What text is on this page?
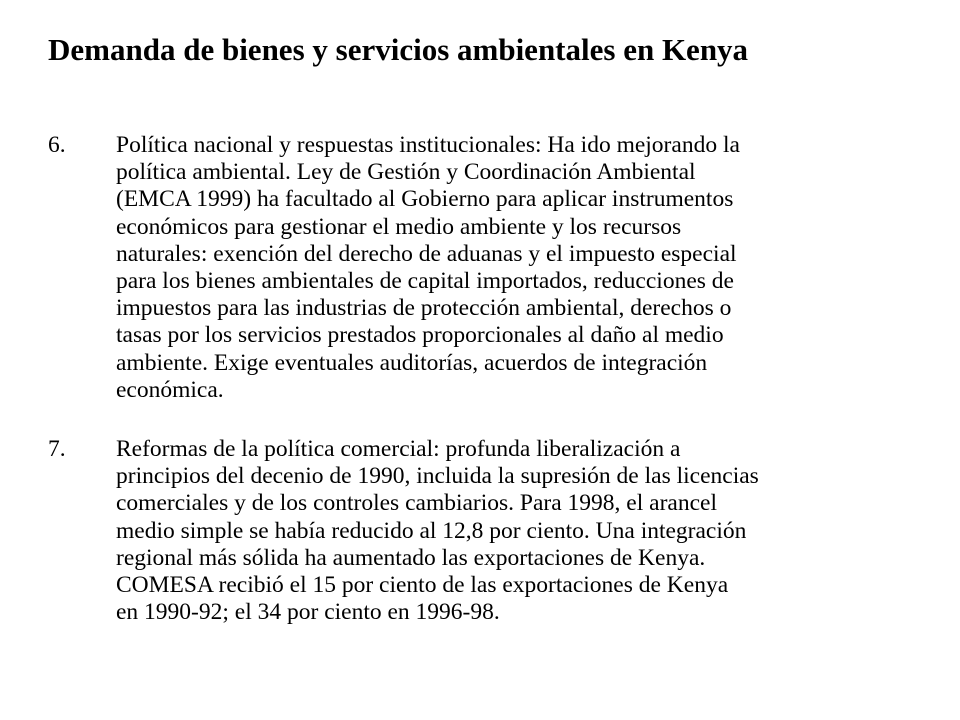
Demanda de bienes y servicios ambientales en Kenya
6.	Política nacional y respuestas institucionales: Ha ido mejorando la
política ambiental. Ley de Gestión y Coordinación Ambiental
(EMCA 1999) ha facultado al Gobierno para aplicar instrumentos
económicos para gestionar el medio ambiente y los recursos
naturales: exención del derecho de aduanas y el impuesto especial
para los bienes ambientales de capital importados, reducciones de
impuestos para las industrias de protección ambiental, derechos o
tasas por los servicios prestados proporcionales al daño al medio
ambiente. Exige eventuales auditorías, acuerdos de integración
económica.
7.	Reformas de la política comercial: profunda liberalización a
principios del decenio de 1990, incluida la supresión de las licencias
comerciales y de los controles cambiarios. Para 1998, el arancel
medio simple se había reducido al 12,8 por ciento. Una integración
regional más sólida ha aumentado las exportaciones de Kenya.
COMESA recibió el 15 por ciento de las exportaciones de Kenya
en 1990-92; el 34 por ciento en 1996-98.
